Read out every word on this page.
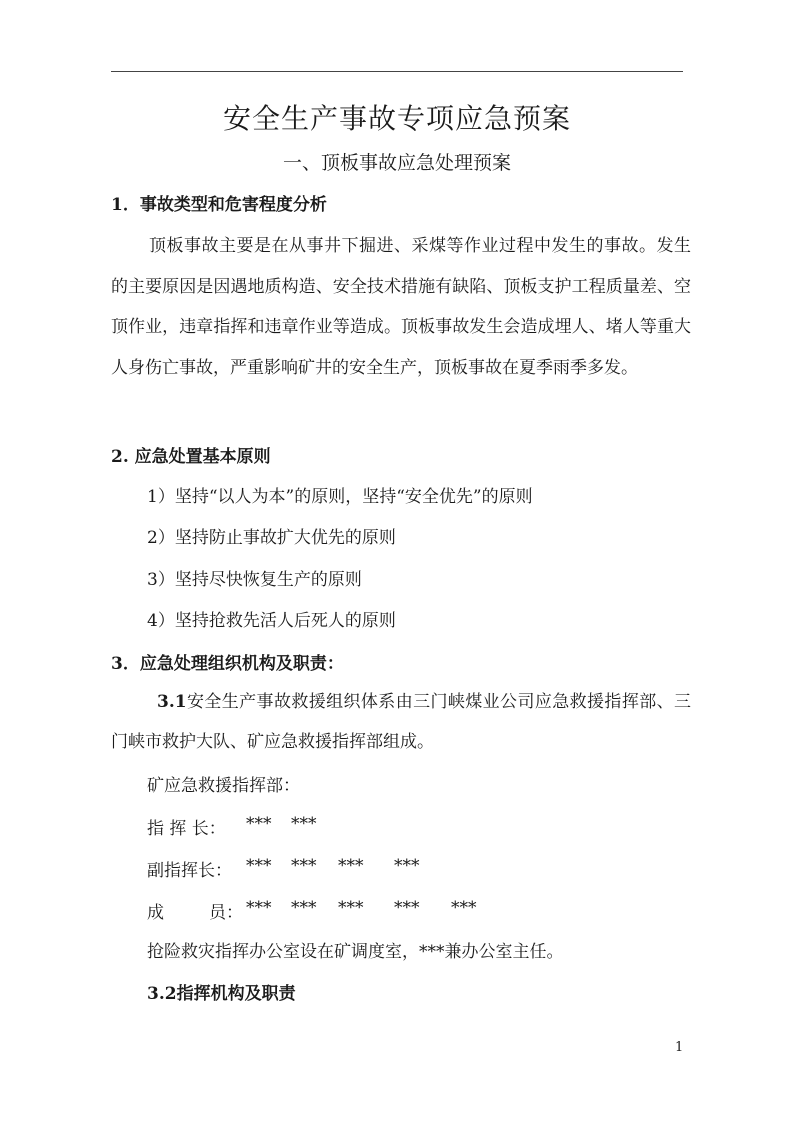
安全生产事故专项应急预案
一、顶板事故应急处理预案
1．事故类型和危害程度分析

顶板事故主要是在从事井下掘进、采煤等作业过程中发生的事故。发生的主要原因是因遇地质构造、安全技术措施有缺陷、顶板支护工程质量差、空顶作业，违章指挥和违章作业等造成。顶板事故发生会造成埋人、堵人等重大人身伤亡事故，严重影响矿井的安全生产，顶板事故在夏季雨季多发。

2. 应急处置基本原则
1）坚持“以人为本”的原则，坚持“安全优先”的原则
2）坚持防止事故扩大优先的原则
3）坚持尽快恢复生产的原则
4）坚持抢救先活人后死人的原则
3．应急处理组织机构及职责：

3.1安全生产事故救援组织体系由三门峡煤业公司应急救援指挥部、三门峡市救护大队、矿应急救援指挥部组成。

矿应急救援指挥部：
指 挥 长： *** ***
副指挥长： *** *** *** ***
成	员： *** *** *** *** ***
抢险救灾指挥办公室设在矿调度室，***兼办公室主任。
3.2指挥机构及职责
1
